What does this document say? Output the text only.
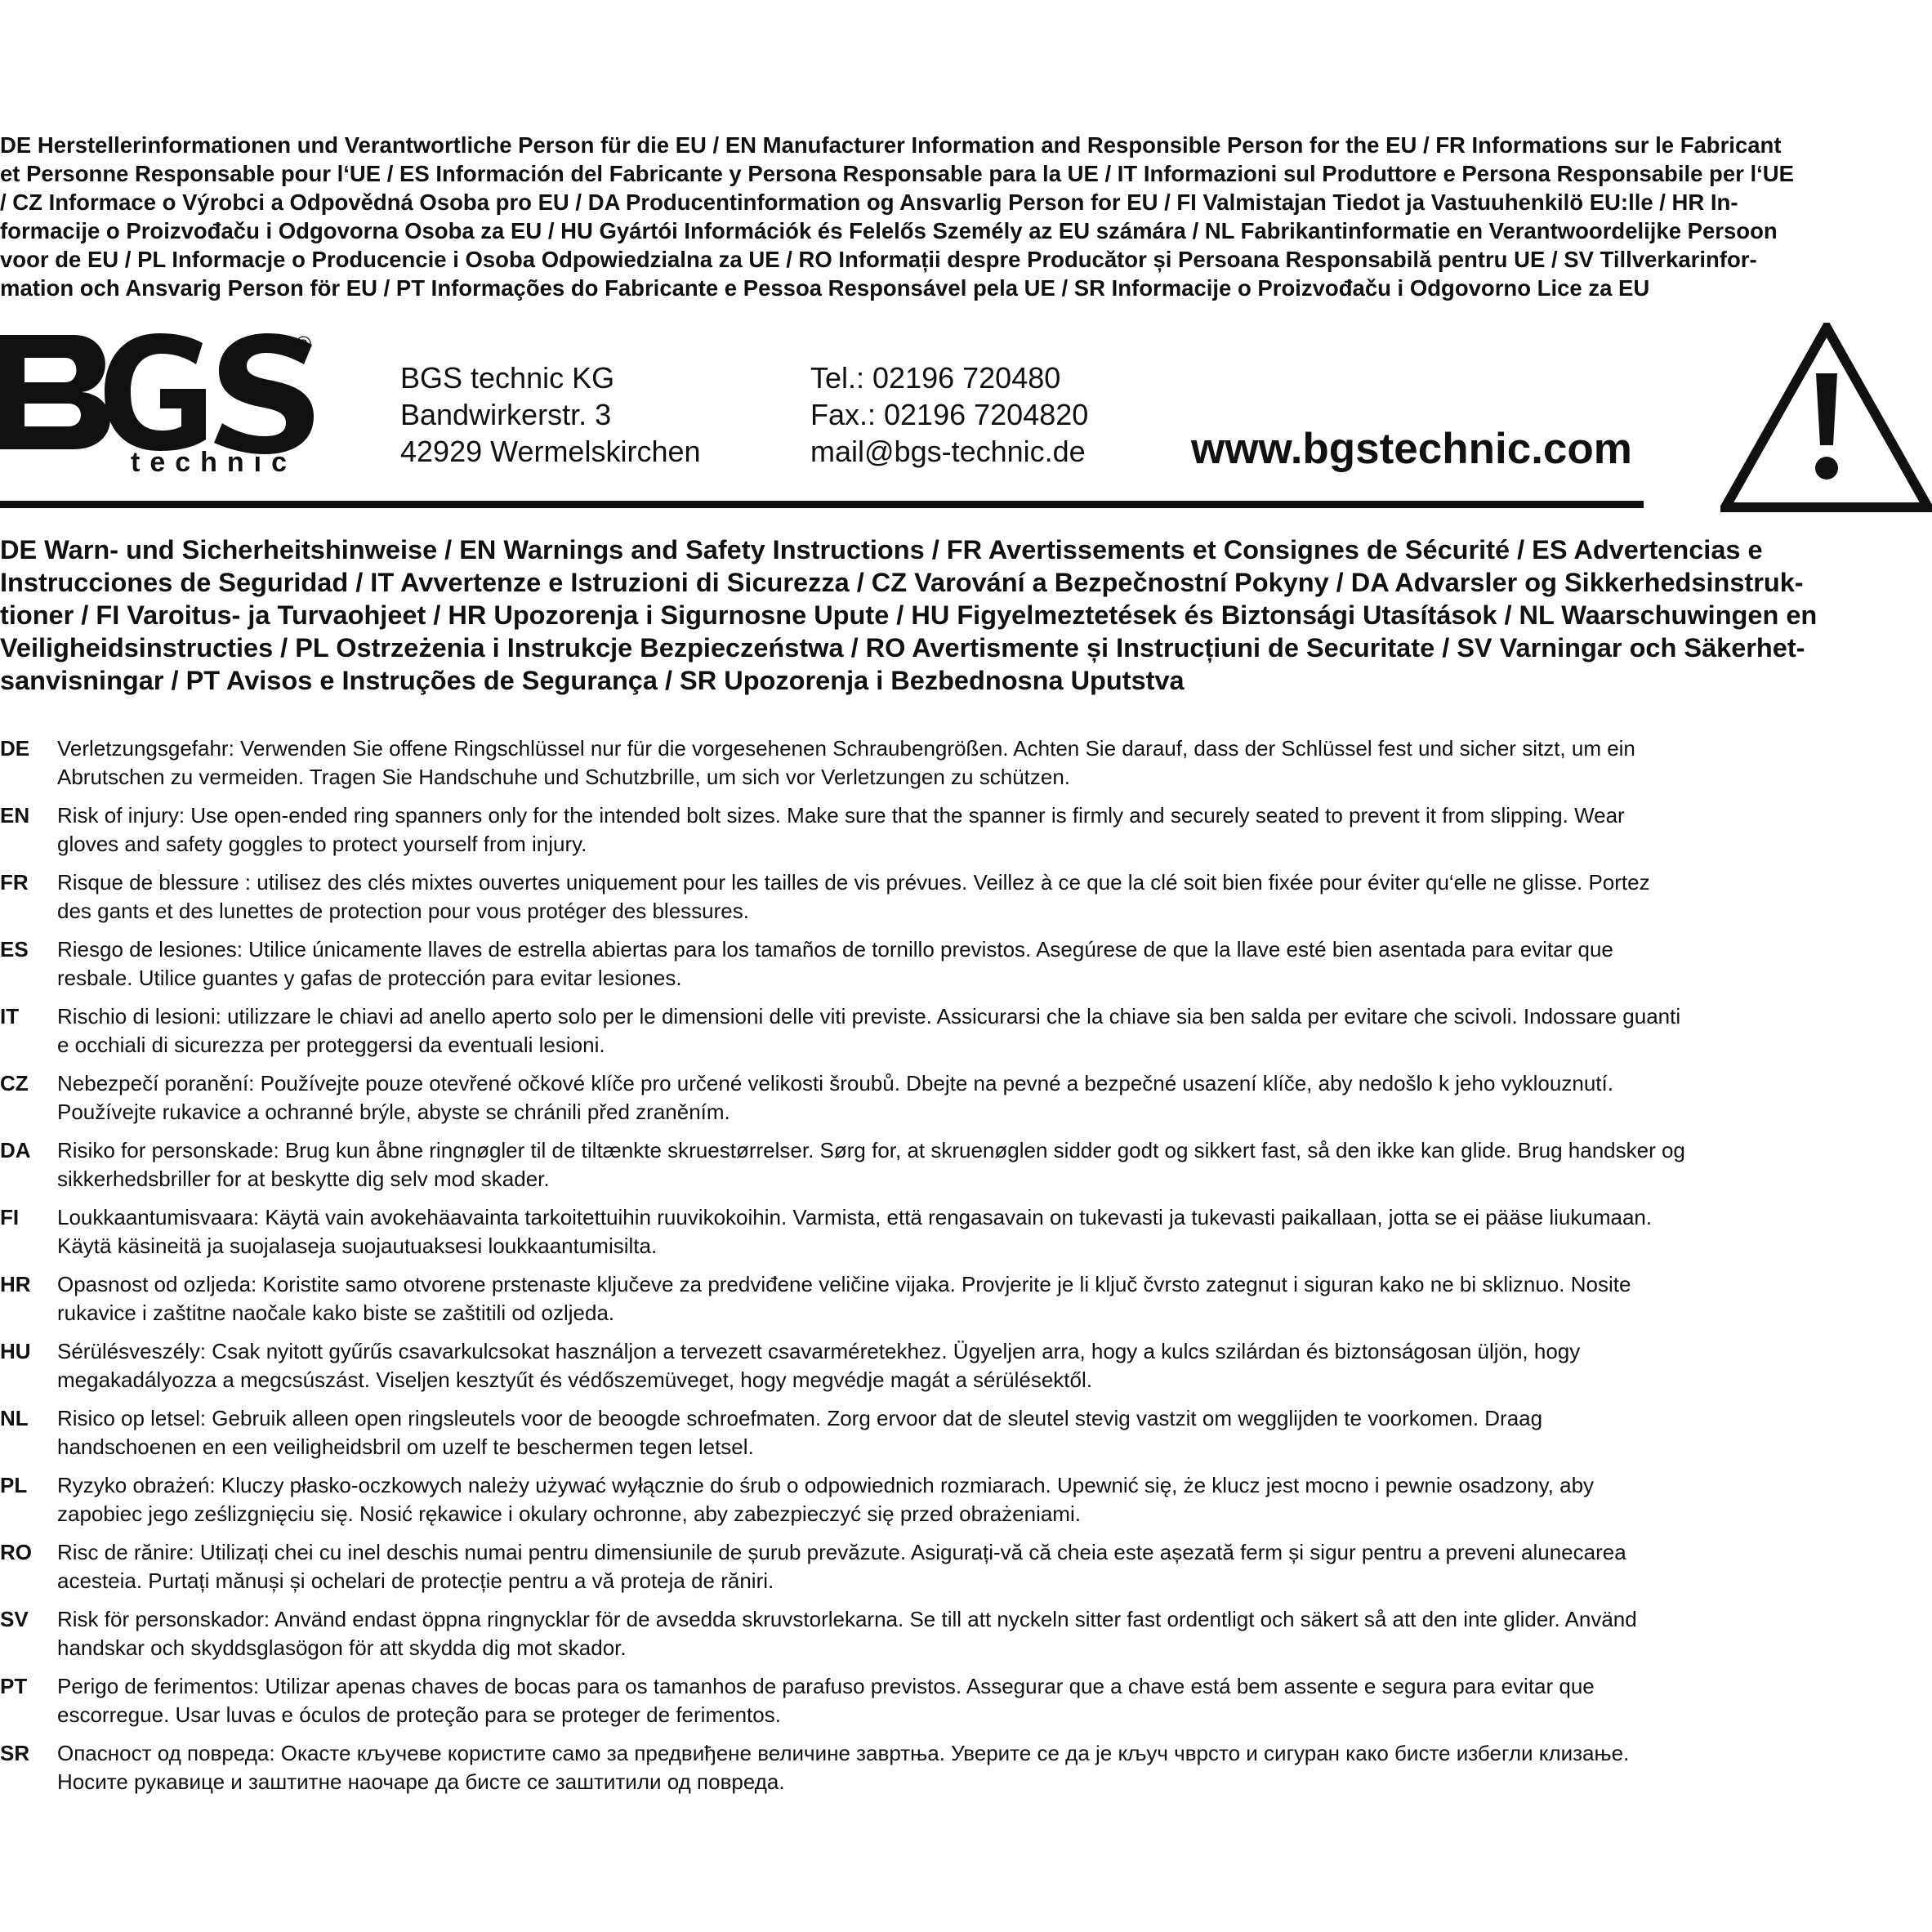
DE Herstellerinformationen und Verantwortliche Person für die EU / EN Manufacturer Information and Responsible Person for the EU / FR Informations sur le Fabricant
et Personne Responsable pour l‘UE / ES Información del Fabricante y Persona Responsable para la UE / IT Informazioni sul Produttore e Persona Responsabile per l‘UE
/ CZ Informace o Výrobci a Odpovědná Osoba pro EU / DA Producentinformation og Ansvarlig Person for EU / FI Valmistajan Tiedot ja Vastuuhenkilö EU:lle / HR In-
formacije o Proizvođaču i Odgovorna Osoba za EU / HU Gyártói Információk és Felelős Személy az EU számára / NL Fabrikantinformatie en Verantwoordelijke Persoon
voor de EU / PL Informacje o Producencie i Osoba Odpowiedzialna za UE / RO Informații despre Producător și Persoana Responsabilă pentru UE / SV Tillverkarinfor-
mation och Ansvarig Person för EU / PT Informações do Fabricante e Pessoa Responsável pela UE / SR Informacije o Proizvođaču i Odgovorno Lice za EU
technic
®
BGS technic KG
Bandwirkerstr. 3
42929 Wermelskirchen
Tel.: 02196 720480
Fax.: 02196 7204820
mail@bgs-technic.de www.bgstechnic.com
DE Warn- und Sicherheitshinweise / EN Warnings and Safety Instructions / FR Avertissements et Consignes de Sécurité / ES Advertencias e
Instrucciones de Seguridad / IT Avvertenze e Istruzioni di Sicurezza / CZ Varování a Bezpečnostní Pokyny / DA Advarsler og Sikkerhedsinstruk-
tioner / FI Varoitus- ja Turvaohjeet / HR Upozorenja i Sigurnosne Upute / HU Figyelmeztetések és Biztonsági Utasítások / NL Waarschuwingen en
Veiligheidsinstructies / PL Ostrzeżenia i Instrukcje Bezpieczeństwa / RO Avertismente și Instrucțiuni de Securitate / SV Varningar och Säkerhet-
sanvisningar / PT Avisos e Instruções de Segurança / SR Upozorenja i Bezbednosna Uputstva
DE Verletzungsgefahr: Verwenden Sie offene Ringschlüssel nur für die vorgesehenen Schraubengrößen. Achten Sie darauf, dass der Schlüssel fest und sicher sitzt, um ein
Abrutschen zu vermeiden. Tragen Sie Handschuhe und Schutzbrille, um sich vor Verletzungen zu schützen.
EN Risk of injury: Use open-ended ring spanners only for the intended bolt sizes. Make sure that the spanner is firmly and securely seated to prevent it from slipping. Wear
gloves and safety goggles to protect yourself from injury.
FR Risque de blessure : utilisez des clés mixtes ouvertes uniquement pour les tailles de vis prévues. Veillez à ce que la clé soit bien fixée pour éviter qu‘elle ne glisse. Portez
des gants et des lunettes de protection pour vous protéger des blessures.
ES Riesgo de lesiones: Utilice únicamente llaves de estrella abiertas para los tamaños de tornillo previstos. Asegúrese de que la llave esté bien asentada para evitar que
resbale. Utilice guantes y gafas de protección para evitar lesiones.
IT Rischio di lesioni: utilizzare le chiavi ad anello aperto solo per le dimensioni delle viti previste. Assicurarsi che la chiave sia ben salda per evitare che scivoli. Indossare guanti
e occhiali di sicurezza per proteggersi da eventuali lesioni.
CZ Nebezpečí poranění: Používejte pouze otevřené očkové klíče pro určené velikosti šroubů. Dbejte na pevné a bezpečné usazení klíče, aby nedošlo k jeho vyklouznutí.
Používejte rukavice a ochranné brýle, abyste se chránili před zraněním.
DA Risiko for personskade: Brug kun åbne ringnøgler til de tiltænkte skruestørrelser. Sørg for, at skruenøglen sidder godt og sikkert fast, så den ikke kan glide. Brug handsker og
sikkerhedsbriller for at beskytte dig selv mod skader.
FI Loukkaantumisvaara: Käytä vain avokehäavainta tarkoitettuihin ruuvikokoihin. Varmista, että rengasavain on tukevasti ja tukevasti paikallaan, jotta se ei pääse liukumaan.
Käytä käsineitä ja suojalaseja suojautuaksesi loukkaantumisilta.
HR Opasnost od ozljeda: Koristite samo otvorene prstenaste ključeve za predviđene veličine vijaka. Provjerite je li ključ čvrsto zategnut i siguran kako ne bi skliznuo. Nosite
rukavice i zaštitne naočale kako biste se zaštitili od ozljeda.
HU Sérülésveszély: Csak nyitott gyűrűs csavarkulcsokat használjon a tervezett csavarméretekhez. Ügyeljen arra, hogy a kulcs szilárdan és biztonságosan üljön, hogy
megakadályozza a megcsúszást. Viseljen kesztyűt és védőszemüveget, hogy megvédje magát a sérülésektől.
NL Risico op letsel: Gebruik alleen open ringsleutels voor de beoogde schroefmaten. Zorg ervoor dat de sleutel stevig vastzit om wegglijden te voorkomen. Draag
handschoenen en een veiligheidsbril om uzelf te beschermen tegen letsel.
PL Ryzyko obrażeń: Kluczy płasko-oczkowych należy używać wyłącznie do śrub o odpowiednich rozmiarach. Upewnić się, że klucz jest mocno i pewnie osadzony, aby
zapobiec jego ześlizgnięciu się. Nosić rękawice i okulary ochronne, aby zabezpieczyć się przed obrażeniami.
RO Risc de rănire: Utilizați chei cu inel deschis numai pentru dimensiunile de șurub prevăzute. Asigurați-vă că cheia este așezată ferm și sigur pentru a preveni alunecarea
acesteia. Purtați mănuși și ochelari de protecție pentru a vă proteja de răniri.
SV Risk för personskador: Använd endast öppna ringnycklar för de avsedda skruvstorlekarna. Se till att nyckeln sitter fast ordentligt och säkert så att den inte glider. Använd
handskar och skyddsglasögon för att skydda dig mot skador.
PT Perigo de ferimentos: Utilizar apenas chaves de bocas para os tamanhos de parafuso previstos. Assegurar que a chave está bem assente e segura para evitar que
escorregue. Usar luvas e óculos de proteção para se proteger de ferimentos.
SR Опасност од повреда: Окасте кључеве користите само за предвиђене величине завртња. Уверите се да је кључ чврсто и сигуран како бисте избегли клизање.
Носите рукавице и заштитне наочаре да бисте се заштитили од повреда.
